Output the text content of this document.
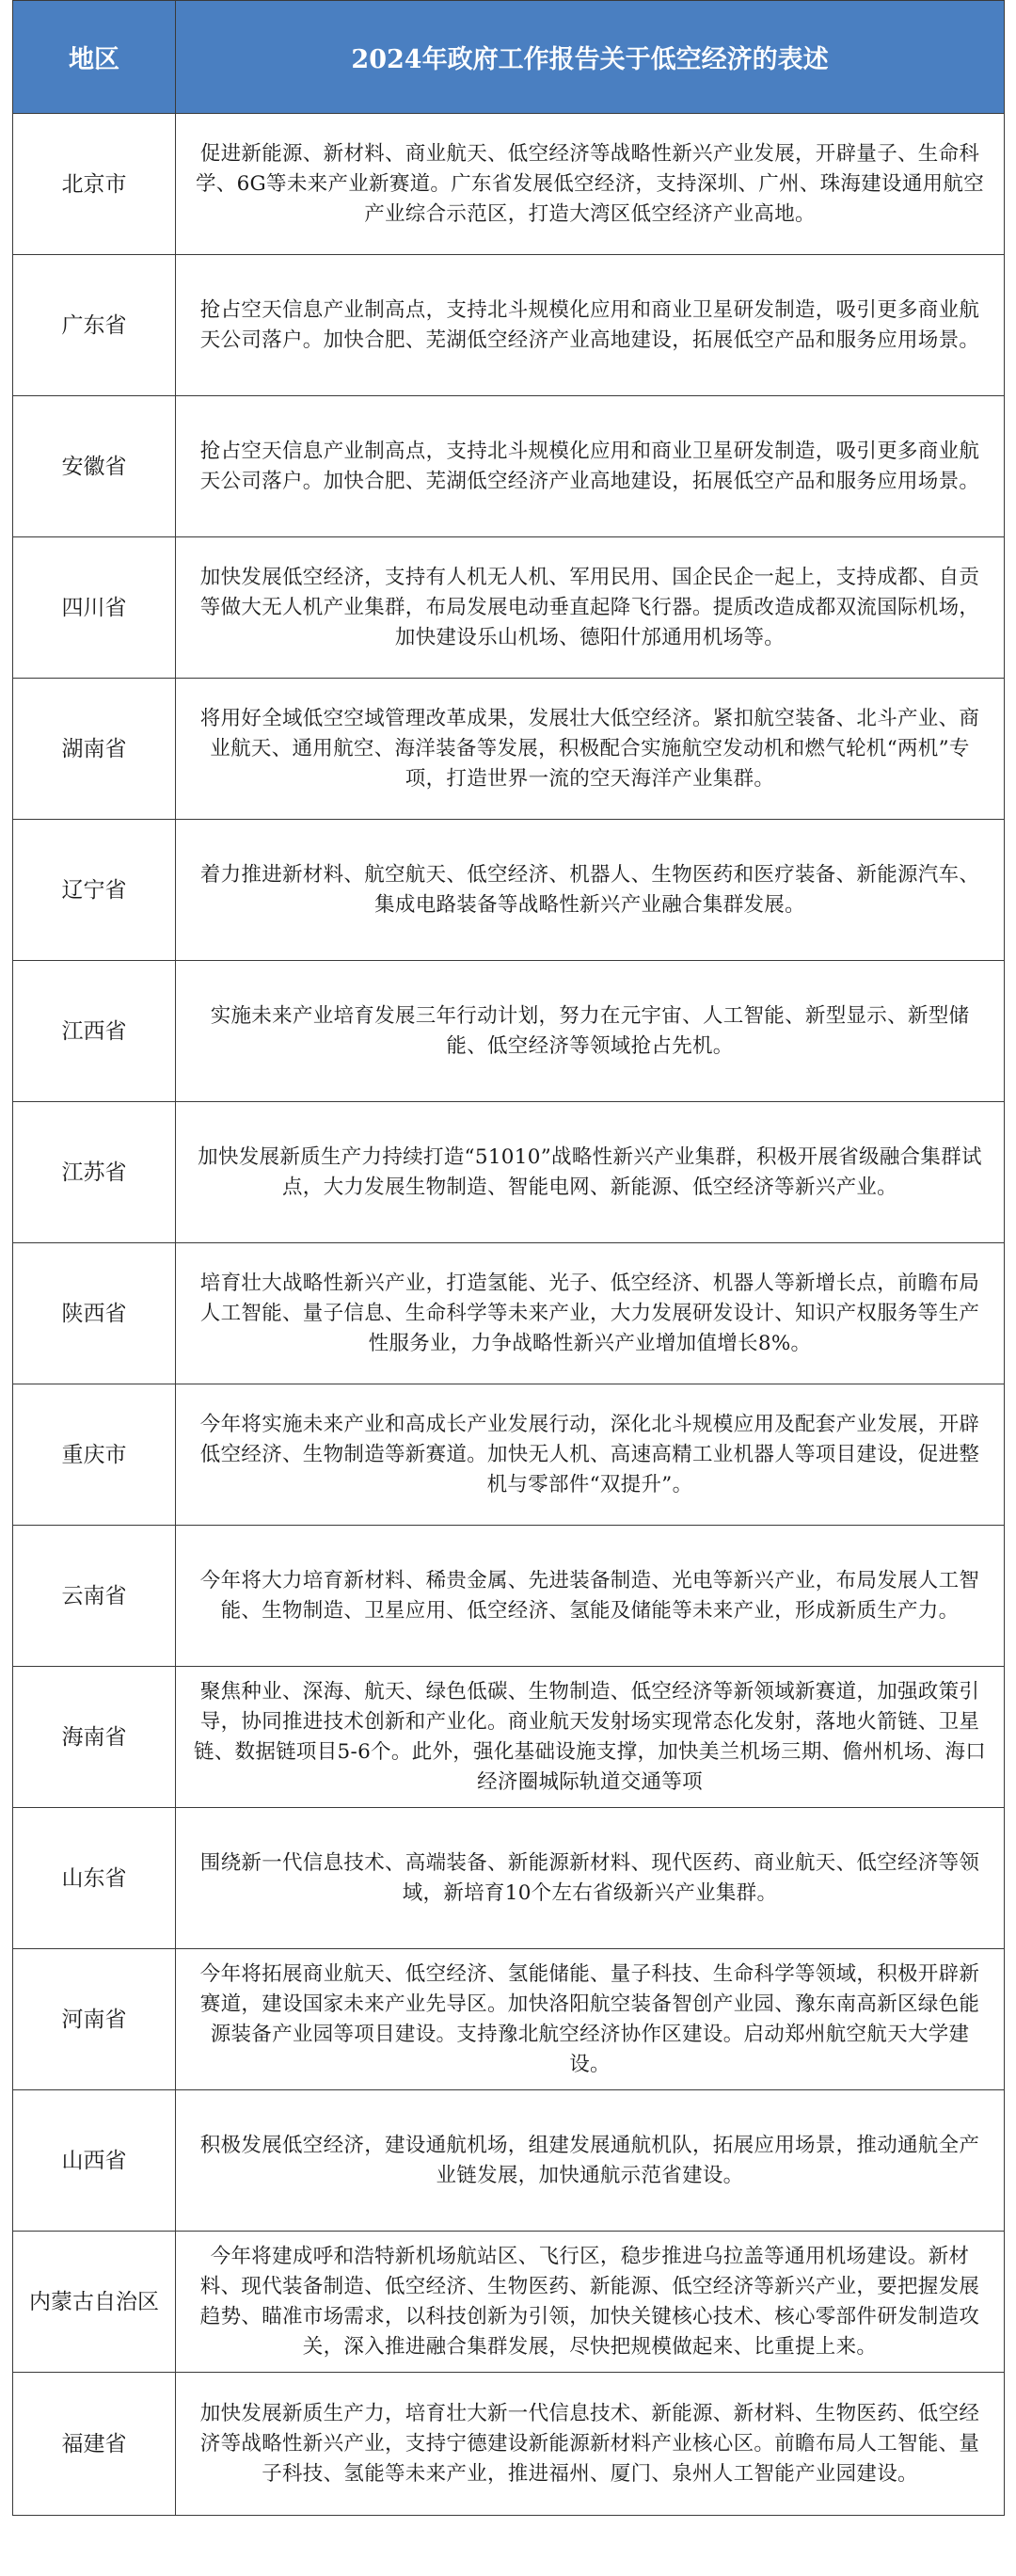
地区	2024年政府工作报告关于低空经济的表述
北京市	促进新能源、新材料、商业航天、低空经济等战略性新兴产业发展，开辟量子、生命科学、6G等未来产业新赛道。广东省发展低空经济，支持深圳、广州、珠海建设通用航空产业综合示范区，打造大湾区低空经济产业高地。
广东省	抢占空天信息产业制高点，支持北斗规模化应用和商业卫星研发制造，吸引更多商业航天公司落户。加快合肥、芜湖低空经济产业高地建设，拓展低空产品和服务应用场景。
安徽省	抢占空天信息产业制高点，支持北斗规模化应用和商业卫星研发制造，吸引更多商业航天公司落户。加快合肥、芜湖低空经济产业高地建设，拓展低空产品和服务应用场景。
四川省	加快发展低空经济，支持有人机无人机、军用民用、国企民企一起上，支持成都、自贡等做大无人机产业集群，布局发展电动垂直起降飞行器。提质改造成都双流国际机场，加快建设乐山机场、德阳什邡通用机场等。
湖南省	将用好全域低空空域管理改革成果，发展壮大低空经济。紧扣航空装备、北斗产业、商业航天、通用航空、海洋装备等发展，积极配合实施航空发动机和燃气轮机“两机”专项，打造世界一流的空天海洋产业集群。
辽宁省	着力推进新材料、航空航天、低空经济、机器人、生物医药和医疗装备、新能源汽车、集成电路装备等战略性新兴产业融合集群发展。
江西省	实施未来产业培育发展三年行动计划，努力在元宇宙、人工智能、新型显示、新型储能、低空经济等领域抢占先机。
江苏省	加快发展新质生产力持续打造“51010”战略性新兴产业集群，积极开展省级融合集群试点，大力发展生物制造、智能电网、新能源、低空经济等新兴产业。
陕西省	培育壮大战略性新兴产业，打造氢能、光子、低空经济、机器人等新增长点，前瞻布局人工智能、量子信息、生命科学等未来产业，大力发展研发设计、知识产权服务等生产性服务业，力争战略性新兴产业增加值增长8%。
重庆市	今年将实施未来产业和高成长产业发展行动，深化北斗规模应用及配套产业发展，开辟低空经济、生物制造等新赛道。加快无人机、高速高精工业机器人等项目建设，促进整机与零部件“双提升”。
云南省	今年将大力培育新材料、稀贵金属、先进装备制造、光电等新兴产业，布局发展人工智能、生物制造、卫星应用、低空经济、氢能及储能等未来产业，形成新质生产力。
海南省	聚焦种业、深海、航天、绿色低碳、生物制造、低空经济等新领域新赛道，加强政策引导，协同推进技术创新和产业化。商业航天发射场实现常态化发射，落地火箭链、卫星链、数据链项目5-6个。此外，强化基础设施支撑，加快美兰机场三期、儋州机场、海口经济圈城际轨道交通等项
山东省	围绕新一代信息技术、高端装备、新能源新材料、现代医药、商业航天、低空经济等领域，新培育10个左右省级新兴产业集群。
河南省	今年将拓展商业航天、低空经济、氢能储能、量子科技、生命科学等领域，积极开辟新赛道，建设国家未来产业先导区。加快洛阳航空装备智创产业园、豫东南高新区绿色能源装备产业园等项目建设。支持豫北航空经济协作区建设。启动郑州航空航天大学建设。
山西省	积极发展低空经济，建设通航机场，组建发展通航机队，拓展应用场景，推动通航全产业链发展，加快通航示范省建设。
内蒙古自治区	今年将建成呼和浩特新机场航站区、飞行区，稳步推进乌拉盖等通用机场建设。新材料、现代装备制造、低空经济、生物医药、新能源、低空经济等新兴产业，要把握发展趋势、瞄准市场需求，以科技创新为引领，加快关键核心技术、核心零部件研发制造攻关，深入推进融合集群发展，尽快把规模做起来、比重提上来。
福建省	加快发展新质生产力，培育壮大新一代信息技术、新能源、新材料、生物医药、低空经济等战略性新兴产业，支持宁德建设新能源新材料产业核心区。前瞻布局人工智能、量子科技、氢能等未来产业，推进福州、厦门、泉州人工智能产业园建设。
